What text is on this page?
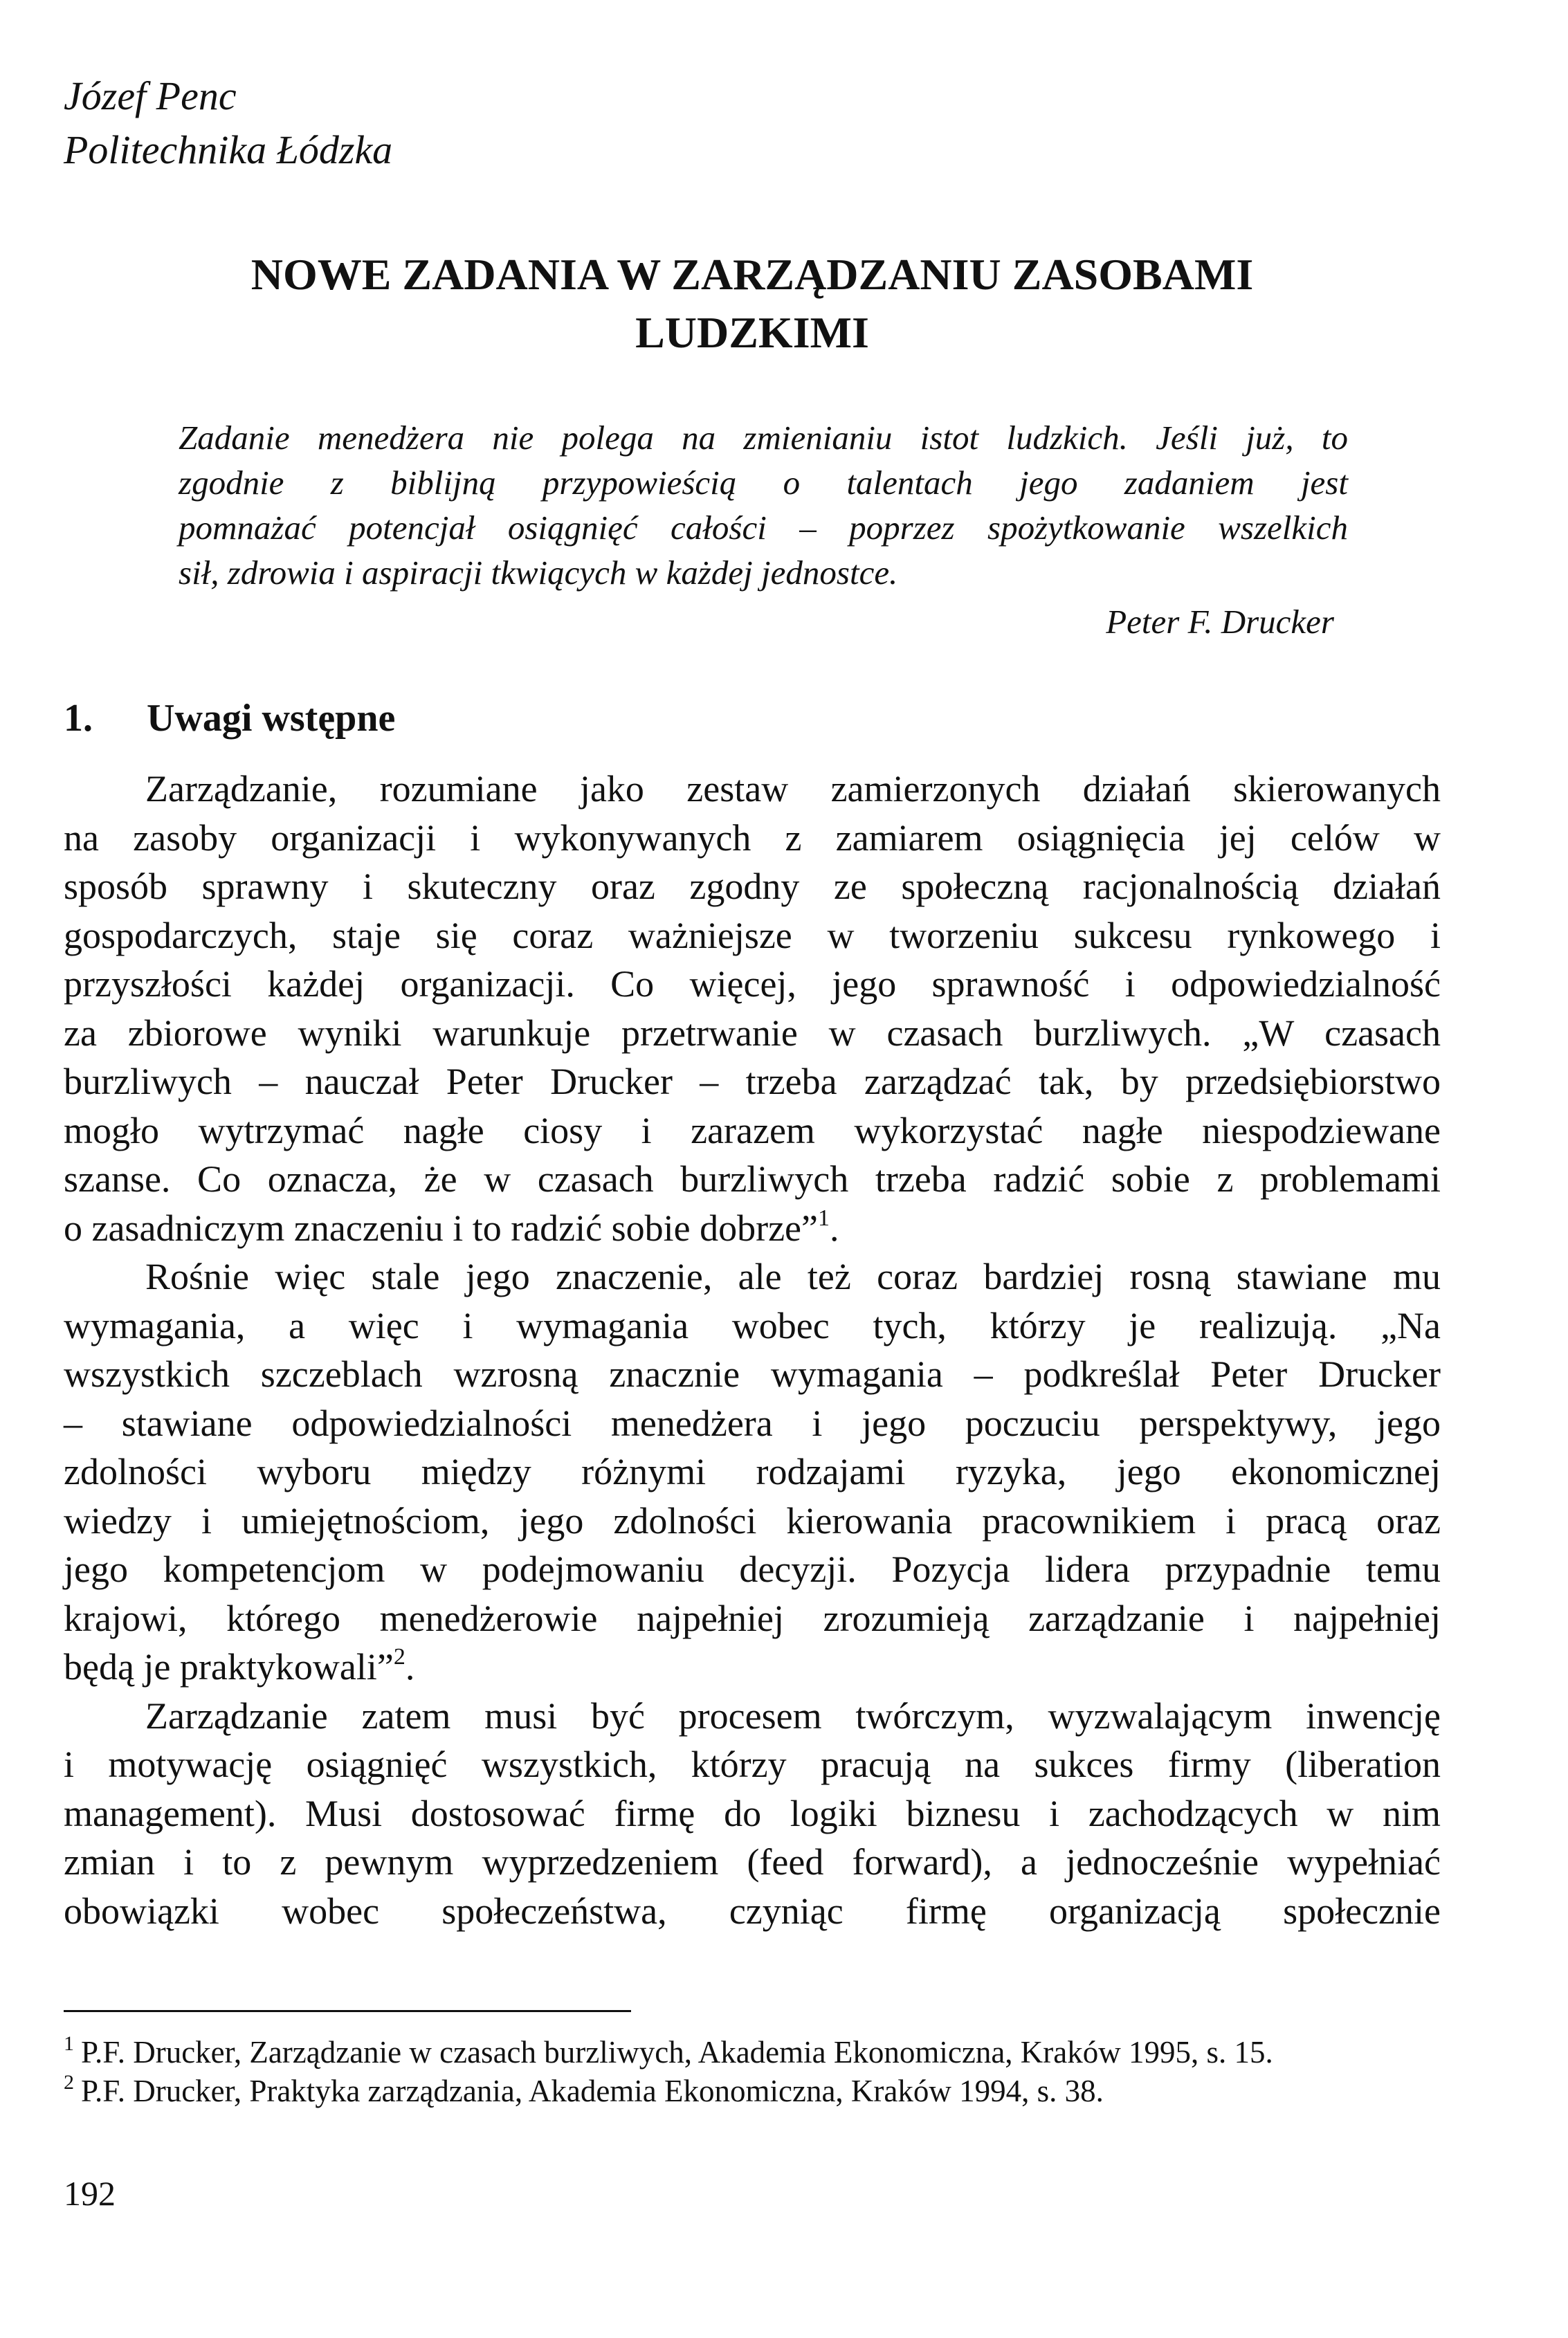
Józef Penc
Politechnika Łódzka
NOWE ZADANIA W ZARZĄDZANIU ZASOBAMI
LUDZKIMI
Zadanie menedżera nie polega na zmienianiu istot ludzkich. Jeśli już, to
zgodnie z biblijną przypowieścią o talentach jego zadaniem jest
pomnażać potencjał osiągnięć całości – poprzez spożytkowanie wszelkich
sił, zdrowia i aspiracji tkwiących w każdej jednostce.
Peter F. Drucker
1. Uwagi wstępne
Zarządzanie, rozumiane jako zestaw zamierzonych działań skierowanych
na zasoby organizacji i wykonywanych z zamiarem osiągnięcia jej celów w
sposób sprawny i skuteczny oraz zgodny ze społeczną racjonalnością działań
gospodarczych, staje się coraz ważniejsze w tworzeniu sukcesu rynkowego i
przyszłości każdej organizacji. Co więcej, jego sprawność i odpowiedzialność
za zbiorowe wyniki warunkuje przetrwanie w czasach burzliwych. „W czasach
burzliwych – nauczał Peter Drucker – trzeba zarządzać tak, by przedsiębiorstwo
mogło wytrzymać nagłe ciosy i zarazem wykorzystać nagłe niespodziewane
szanse. Co oznacza, że w czasach burzliwych trzeba radzić sobie z problemami
o zasadniczym znaczeniu i to radzić sobie dobrze”$^1$.
Rośnie więc stale jego znaczenie, ale też coraz bardziej rosną stawiane mu
wymagania, a więc i wymagania wobec tych, którzy je realizują. „Na
wszystkich szczeblach wzrosną znacznie wymagania – podkreślał Peter Drucker
– stawiane odpowiedzialności menedżera i jego poczuciu perspektywy, jego
zdolności wyboru między różnymi rodzajami ryzyka, jego ekonomicznej
wiedzy i umiejętnościom, jego zdolności kierowania pracownikiem i pracą oraz
jego kompetencjom w podejmowaniu decyzji. Pozycja lidera przypadnie temu
krajowi, którego menedżerowie najpełniej zrozumieją zarządzanie i najpełniej
będą je praktykowali”$^2$.
Zarządzanie zatem musi być procesem twórczym, wyzwalającym inwencję
i motywację osiągnięć wszystkich, którzy pracują na sukces firmy (liberation
management). Musi dostosować firmę do logiki biznesu i zachodzących w nim
zmian i to z pewnym wyprzedzeniem (feed forward), a jednocześnie wypełniać
obowiązki wobec społeczeństwa, czyniąc firmę organizacją społecznie
$^1$ P.F. Drucker, Zarządzanie w czasach burzliwych, Akademia Ekonomiczna, Kraków 1995, s. 15.
$^2$ P.F. Drucker, Praktyka zarządzania, Akademia Ekonomiczna, Kraków 1994, s. 38.
192
